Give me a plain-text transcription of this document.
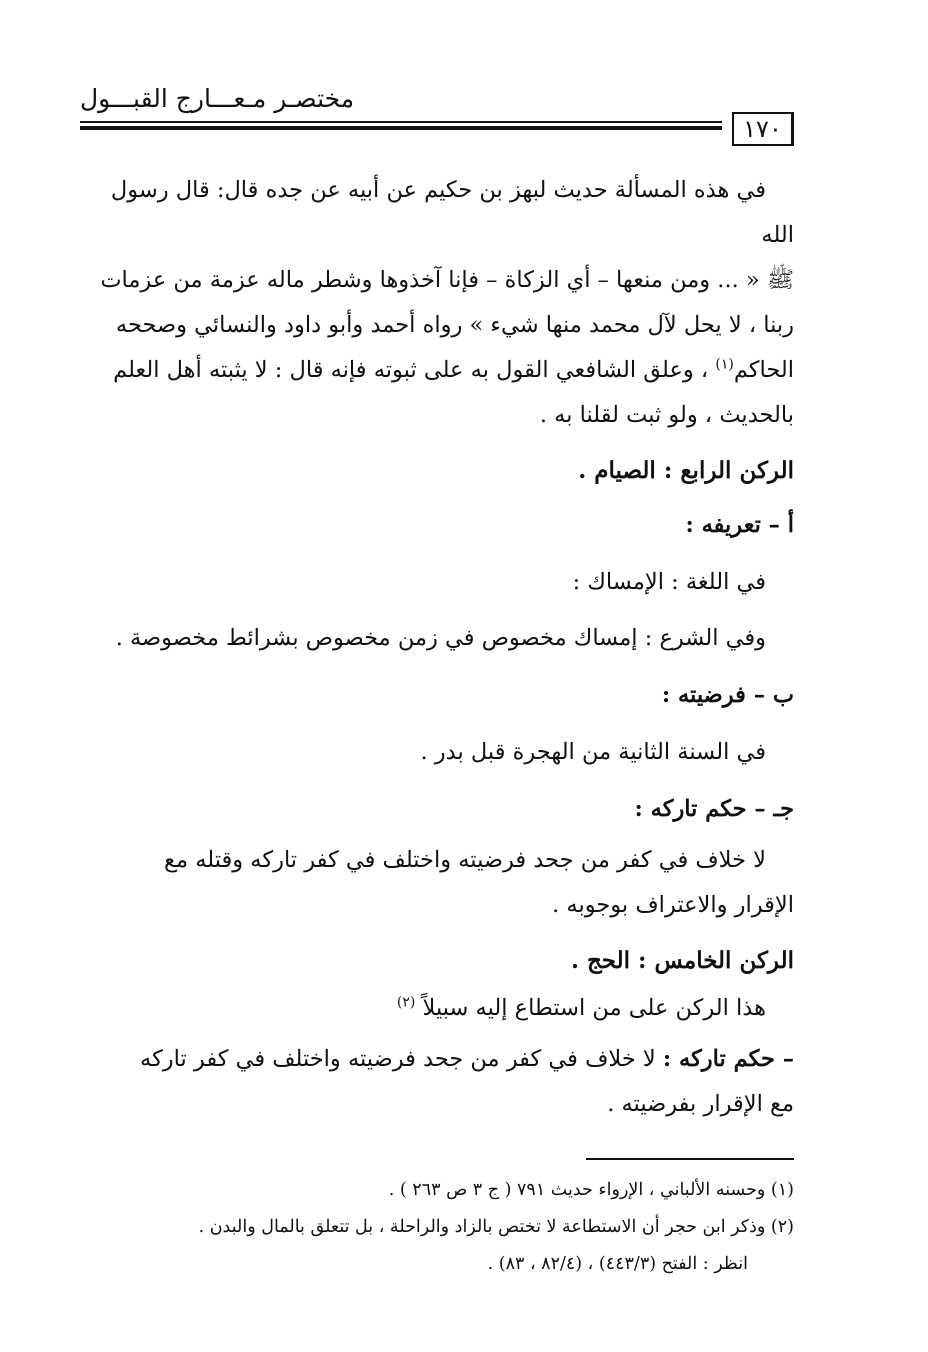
مختصـر مـعـــارج القبـــول
١٧٠

في هذه المسألة حديث لبهز بن حكيم عن أبيه عن جده قال: قال رسول الله

ﷺ « ... ومن منعها – أي الزكاة – فإنا آخذوها وشطر ماله عزمة من عزمات

ربنا ، لا يحل لآل محمد منها شيء » رواه أحمد وأبو داود والنسائي وصححه

الحاكم$^{(١)}$ ، وعلق الشافعي القول به على ثبوته فإنه قال : لا يثبته أهل العلم

بالحديث ، ولو ثبت لقلنا به .

الركن الرابع : الصيام .

أ – تعريفه :

في اللغة : الإمساك :

وفي الشرع : إمساك مخصوص في زمن مخصوص بشرائط مخصوصة .

ب – فرضيته :

في السنة الثانية من الهجرة قبل بدر .

جـ – حكم تاركه :

لا خلاف في كفر من جحد فرضيته واختلف في كفر تاركه وقتله مع

الإقرار والاعتراف بوجوبه .

الركن الخامس : الحج .

هذا الركن على من استطاع إليه سبيلاً $^{(٢)}$

– حكم تاركه : لا خلاف في كفر من جحد فرضيته واختلف في كفر تاركه

مع الإقرار بفرضيته .

(١) وحسنه الألباني ، الإرواء حديث ٧٩١ ( ج ٣ ص ٢٦٣ ) .

(٢) وذكر ابن حجر أن الاستطاعة لا تختص بالزاد والراحلة ، بل تتعلق بالمال والبدن .

انظر : الفتح (٤٤٣/٣) ، (٨٢/٤ ، ٨٣) .
